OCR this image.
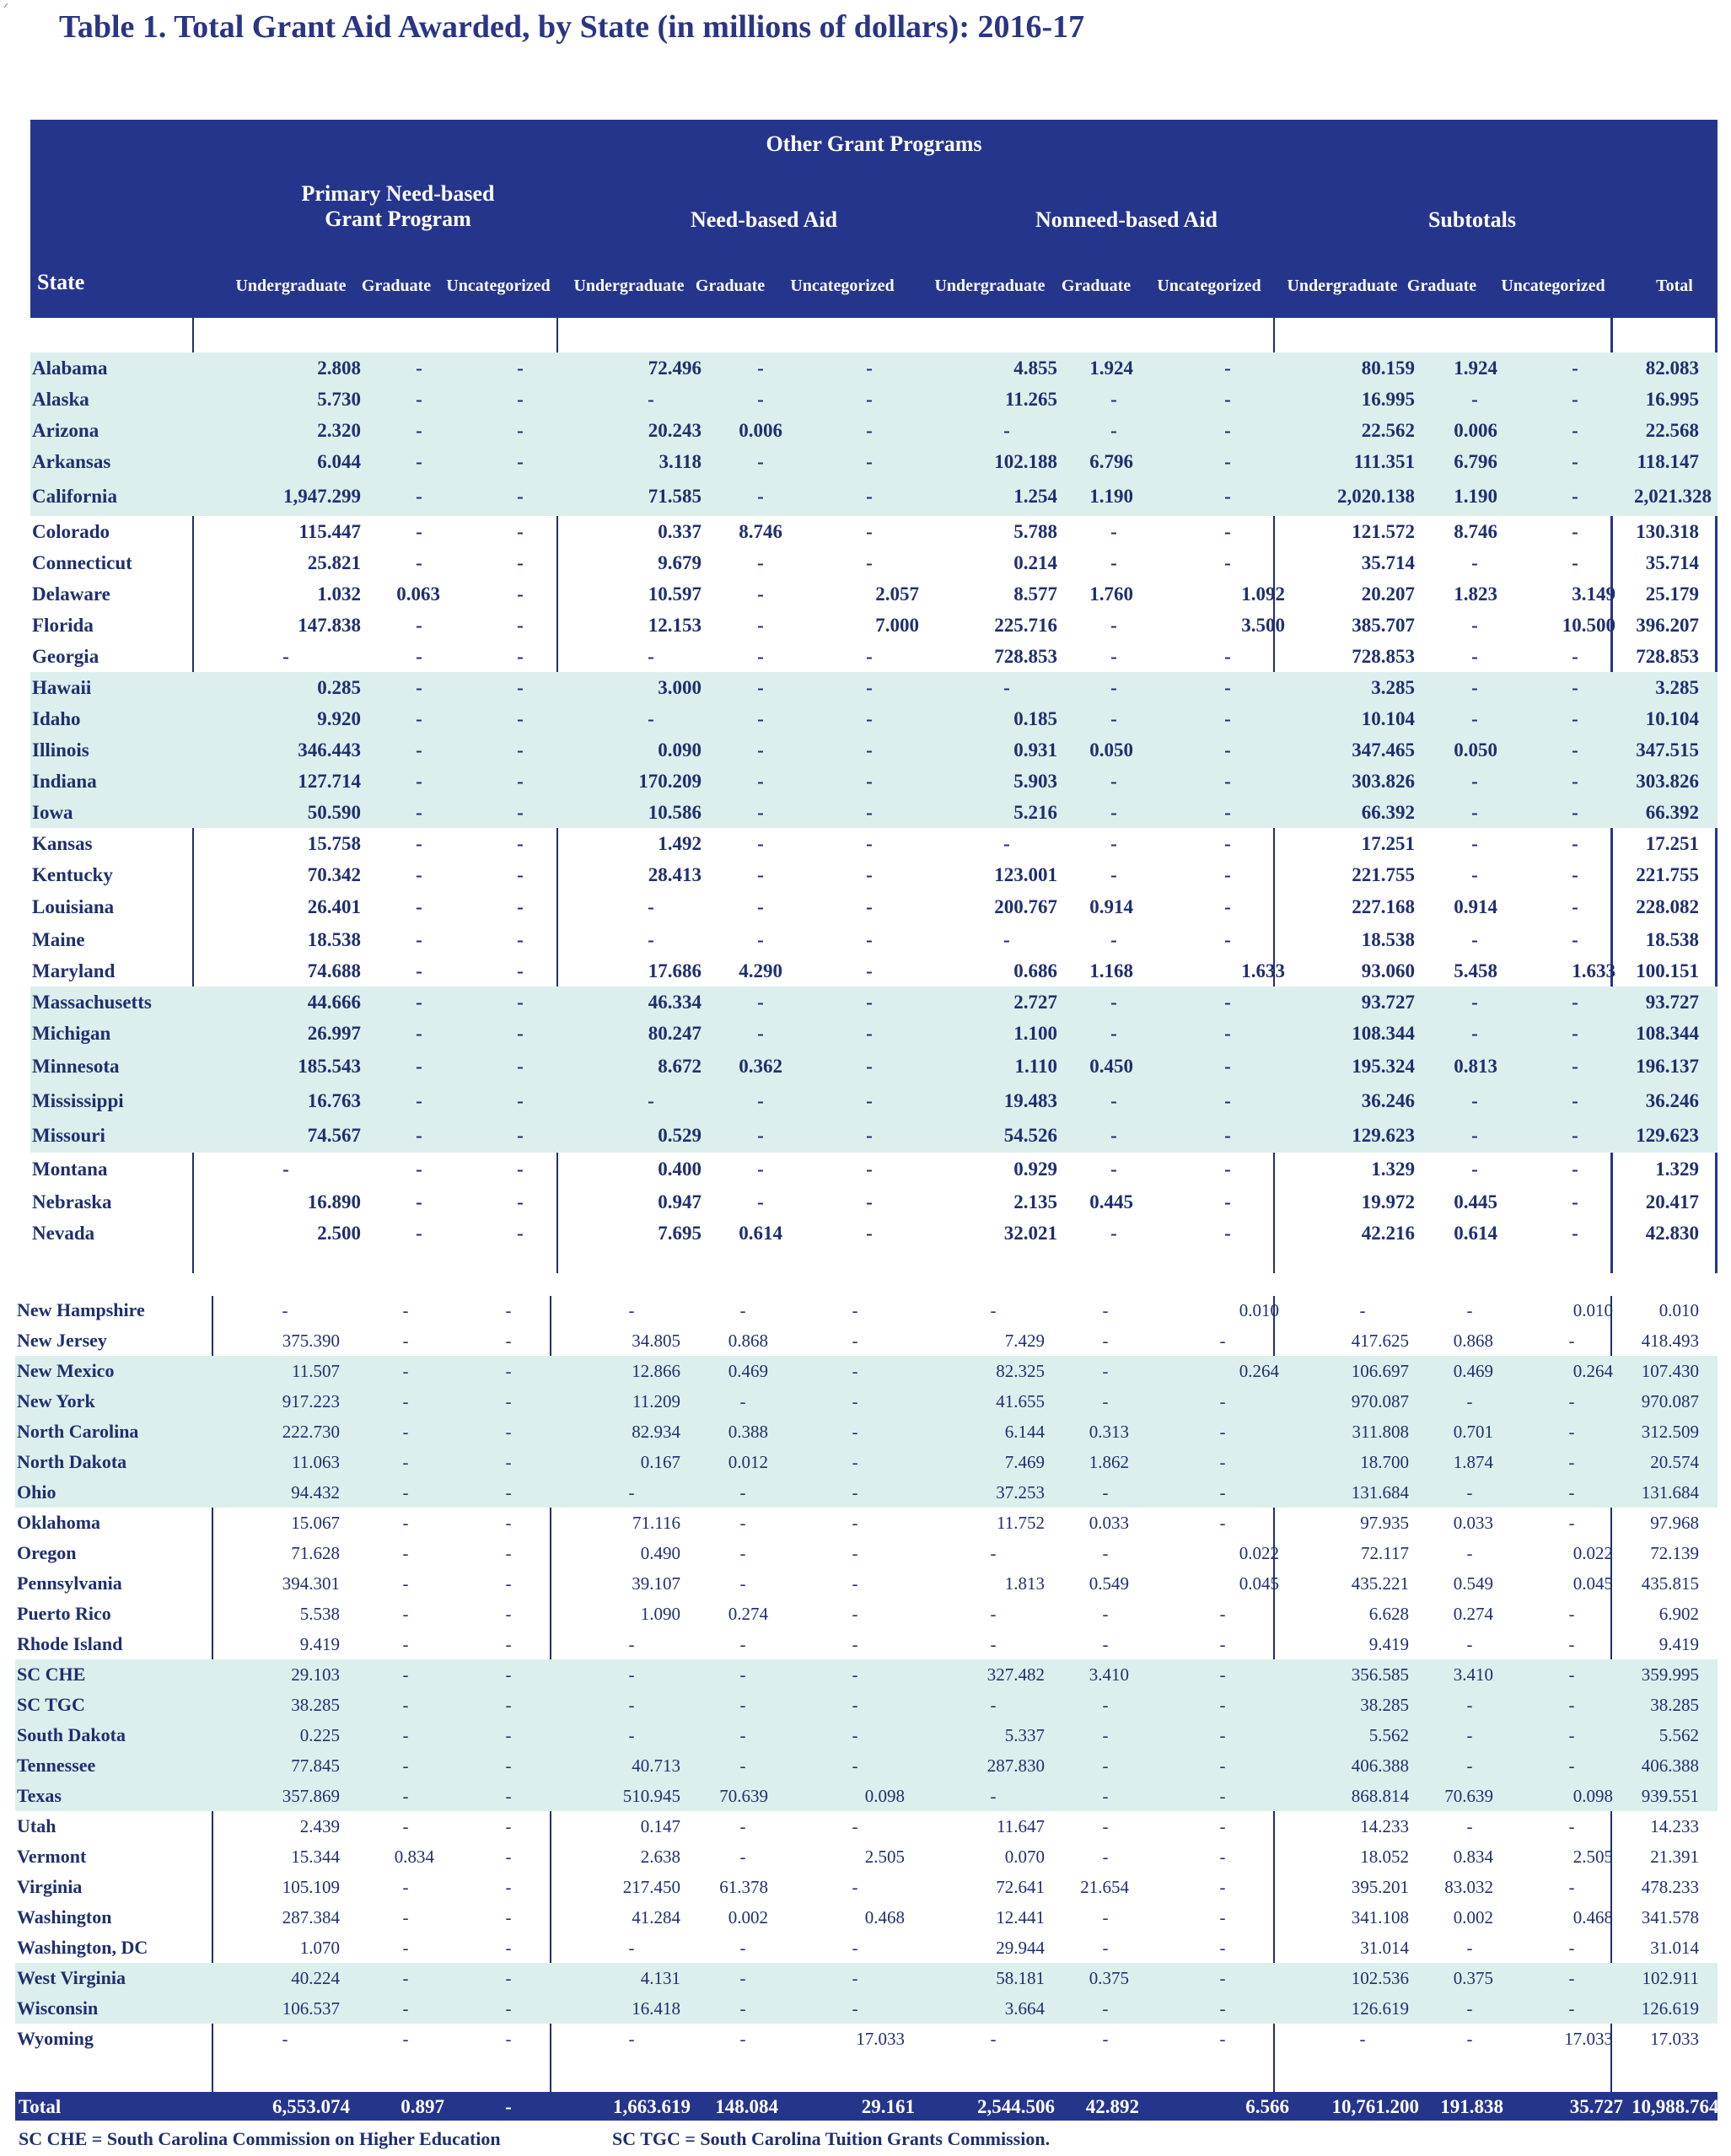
ᐟ
Table 1. Total Grant Aid Awarded, by State (in millions of dollars): 2016-17
Other Grant Programs
Primary Need-based
Grant Program	Need-based Aid	Nonneed-based Aid	Subtotals
State	Undergraduate Graduate Uncategorized	Undergraduate Graduate	Uncategorized	Undergraduate Graduate	Uncategorized	Undergraduate Graduate	Uncategorized	Total
Alabama	2.808	-	-	72.496	-	-	4.855	1.924	-	80.159	1.924	-	82.083
Alaska	5.730	-	-	-	-	-	11.265	-	-	16.995	-	-	16.995
Arizona	2.320	-	-	20.243	0.006	-	-	-	-	22.562	0.006	-	22.568
Arkansas	6.044	-	-	3.118	-	-	102.188	6.796	-	111.351	6.796	-	118.147
California	1,947.299	-	-	71.585	-	-	1.254	1.190	-	2,020.138	1.190	-	2,021.328
Colorado	115.447	-	-	0.337	8.746	-	5.788	-	-	121.572	8.746	-	130.318
Connecticut	25.821	-	-	9.679	-	-	0.214	-	-	35.714	-	-	35.714
Delaware	1.032	0.063	-	10.597	-	2.057	8.577	1.760	1.092	20.207	1.823	3.149	25.179
Florida	147.838	-	-	12.153	-	7.000	225.716	-	3.500	385.707	-	10.500	396.207
Georgia	-	-	-	-	-	-	728.853	-	-	728.853	-	-	728.853
Hawaii	0.285	-	-	3.000	-	-	-	-	-	3.285	-	-	3.285
Idaho	9.920	-	-	-	-	-	0.185	-	-	10.104	-	-	10.104
Illinois	346.443	-	-	0.090	-	-	0.931	0.050	-	347.465	0.050	-	347.515
Indiana	127.714	-	-	170.209	-	-	5.903	-	-	303.826	-	-	303.826
Iowa	50.590	-	-	10.586	-	-	5.216	-	-	66.392	-	-	66.392
Kansas	15.758	-	-	1.492	-	-	-	-	-	17.251	-	-	17.251
Kentucky	70.342	-	-	28.413	-	-	123.001	-	-	221.755	-	-	221.755
Louisiana	26.401	-	-	-	-	-	200.767	0.914	-	227.168	0.914	-	228.082
Maine	18.538	-	-	-	-	-	-	-	-	18.538	-	-	18.538
Maryland	74.688	-	-	17.686	4.290	-	0.686	1.168	1.633	93.060	5.458	1.633	100.151
Massachusetts	44.666	-	-	46.334	-	-	2.727	-	-	93.727	-	-	93.727
Michigan	26.997	-	-	80.247	-	-	1.100	-	-	108.344	-	-	108.344
Minnesota	185.543	-	-	8.672	0.362	-	1.110	0.450	-	195.324	0.813	-	196.137
Mississippi	16.763	-	-	-	-	-	19.483	-	-	36.246	-	-	36.246
Missouri	74.567	-	-	0.529	-	-	54.526	-	-	129.623	-	-	129.623
Montana	-	-	-	0.400	-	-	0.929	-	-	1.329	-	-	1.329
Nebraska	16.890	-	-	0.947	-	-	2.135	0.445	-	19.972	0.445	-	20.417
Nevada	2.500	-	-	7.695	0.614	-	32.021	-	-	42.216	0.614	-	42.830
New Hampshire	-	-	-	-	-	-	-	-	0.010	-	-	0.010	0.010
New Jersey	375.390	-	-	34.805	0.868	-	7.429	-	-	417.625	0.868	-	418.493
New Mexico	11.507	-	-	12.866	0.469	-	82.325	-	0.264	106.697	0.469	0.264	107.430
New York	917.223	-	-	11.209	-	-	41.655	-	-	970.087	-	-	970.087
North Carolina	222.730	-	-	82.934	0.388	-	6.144	0.313	-	311.808	0.701	-	312.509
North Dakota	11.063	-	-	0.167	0.012	-	7.469	1.862	-	18.700	1.874	-	20.574
Ohio	94.432	-	-	-	-	-	37.253	-	-	131.684	-	-	131.684
Oklahoma	15.067	-	-	71.116	-	-	11.752	0.033	-	97.935	0.033	-	97.968
Oregon	71.628	-	-	0.490	-	-	-	-	0.022	72.117	-	0.022	72.139
Pennsylvania	394.301	-	-	39.107	-	-	1.813	0.549	0.045	435.221	0.549	0.045	435.815
Puerto Rico	5.538	-	-	1.090	0.274	-	-	-	-	6.628	0.274	-	6.902
Rhode Island	9.419	-	-	-	-	-	-	-	-	9.419	-	-	9.419
SC CHE	29.103	-	-	-	-	-	327.482	3.410	-	356.585	3.410	-	359.995
SC TGC	38.285	-	-	-	-	-	-	-	-	38.285	-	-	38.285
South Dakota	0.225	-	-	-	-	-	5.337	-	-	5.562	-	-	5.562
Tennessee	77.845	-	-	40.713	-	-	287.830	-	-	406.388	-	-	406.388
Texas	357.869	-	-	510.945	70.639	0.098	-	-	-	868.814	70.639	0.098	939.551
Utah	2.439	-	-	0.147	-	-	11.647	-	-	14.233	-	-	14.233
Vermont	15.344	0.834	-	2.638	-	2.505	0.070	-	-	18.052	0.834	2.505	21.391
Virginia	105.109	-	-	217.450	61.378	-	72.641	21.654	-	395.201	83.032	-	478.233
Washington	287.384	-	-	41.284	0.002	0.468	12.441	-	-	341.108	0.002	0.468	341.578
Washington, DC	1.070	-	-	-	-	-	29.944	-	-	31.014	-	-	31.014
West Virginia	40.224	-	-	4.131	-	-	58.181	0.375	-	102.536	0.375	-	102.911
Wisconsin	106.537	-	-	16.418	-	-	3.664	-	-	126.619	-	-	126.619
Wyoming	-	-	-	-	-	17.033	-	-	-	-	-	17.033	17.033
Total	6,553.074	0.897	-	1,663.619	148.084	29.161	2,544.506	42.892	6.566	10,761.200	191.838	35.727 10,988.764
SC CHE = South Carolina Commission on Higher Education	SC TGC = South Carolina Tuition Grants Commission.
